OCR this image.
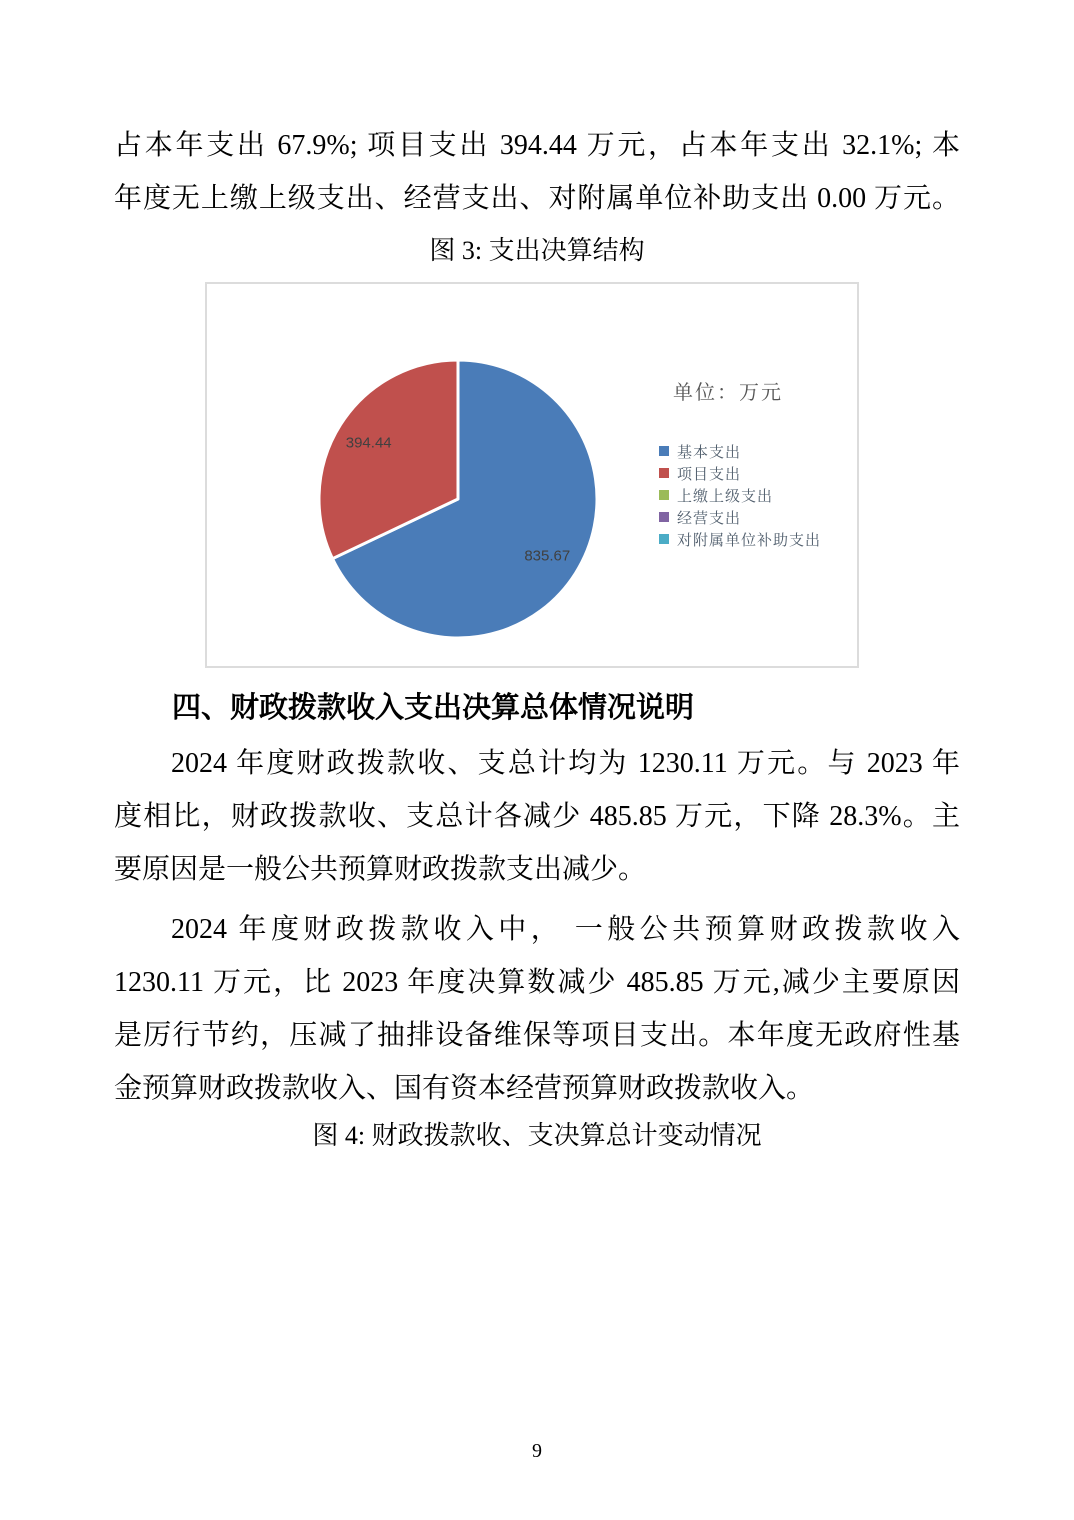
占本年支出 67.9%; 项目支出 394.44 万元，占本年支出 32.1%; 本
年度无上缴上级支出、经营支出、对附属单位补助支出 0.00 万元。
图 3: 支出决算结构
835.67
394.44
单位：万元
基本支出
项目支出
上缴上级支出
经营支出
对附属单位补助支出
四、财政拨款收入支出决算总体情况说明
2024 年度财政拨款收、支总计均为 1230.11 万元。与 2023 年
度相比，财政拨款收、支总计各减少 485.85 万元，下降 28.3%。主
要原因是一般公共预算财政拨款支出减少。
2024 年度财政拨款收入中， 一般公共预算财政拨款收入
1230.11 万元，比 2023 年度决算数减少 485.85 万元,减少主要原因
是厉行节约，压减了抽排设备维保等项目支出。本年度无政府性基
金预算财政拨款收入、国有资本经营预算财政拨款收入。
图 4: 财政拨款收、支决算总计变动情况
9
